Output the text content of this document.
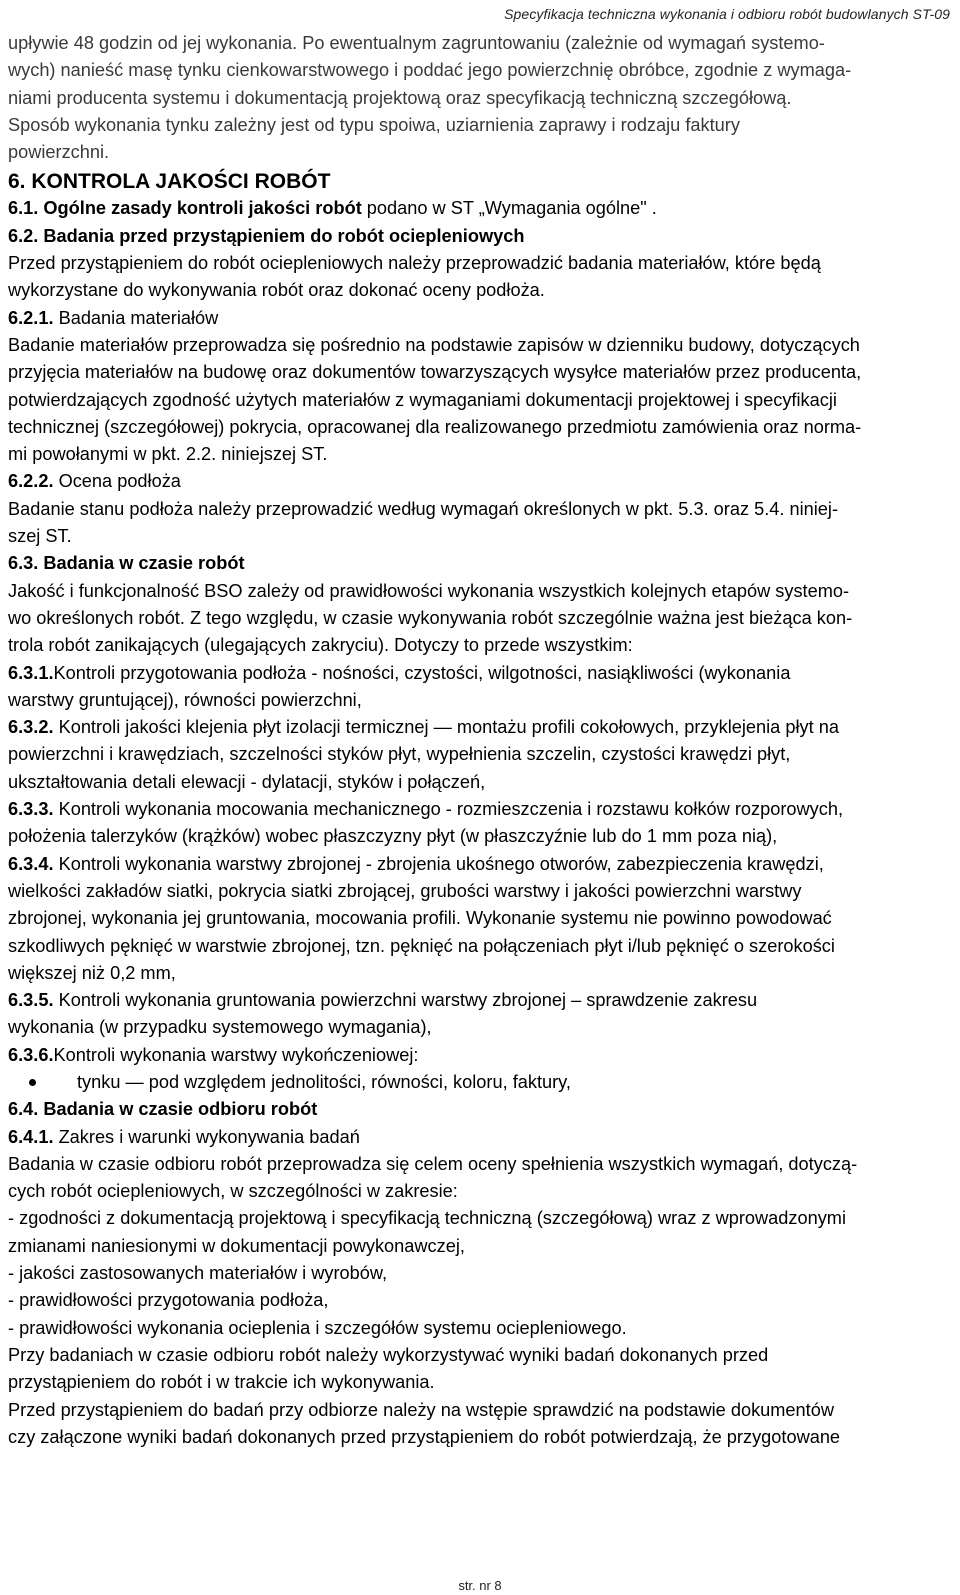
Specyfikacja techniczna wykonania i odbioru robót budowlanych ST-09
upływie 48 godzin od jej wykonania. Po ewentualnym zagruntowaniu (zależnie od wymagań systemo-
wych) nanieść masę tynku cienkowarstwowego i poddać jego powierzchnię obróbce, zgodnie z wymaga-
niami producenta systemu i dokumentacją projektową oraz specyfikacją techniczną szczegółową.
Sposób wykonania tynku zależny jest od typu spoiwa, uziarnienia zaprawy i rodzaju faktury
powierzchni.
6. KONTROLA JAKOŚCI ROBÓT
6.1. Ogólne zasady kontroli jakości robót podano w ST „Wymagania ogólne" .
6.2. Badania przed przystąpieniem do robót ociepleniowych
Przed przystąpieniem do robót ociepleniowych należy przeprowadzić badania materiałów, które będą
wykorzystane do wykonywania robót oraz dokonać oceny podłoża.
6.2.1. Badania materiałów
Badanie materiałów przeprowadza się pośrednio na podstawie zapisów w dzienniku budowy, dotyczących
przyjęcia materiałów na budowę oraz dokumentów towarzyszących wysyłce materiałów przez producenta,
potwierdzających zgodność użytych materiałów z wymaganiami dokumentacji projektowej i specyfikacji
technicznej (szczegółowej) pokrycia, opracowanej dla realizowanego przedmiotu zamówienia oraz norma-
mi powołanymi w pkt. 2.2. niniejszej ST.
6.2.2. Ocena podłoża
Badanie stanu podłoża należy przeprowadzić według wymagań określonych w pkt. 5.3. oraz 5.4. niniej-
szej ST.
6.3. Badania w czasie robót
Jakość i funkcjonalność BSO zależy od prawidłowości wykonania wszystkich kolejnych etapów systemo-
wo określonych robót. Z tego względu, w czasie wykonywania robót szczególnie ważna jest bieżąca kon-
trola robót zanikających (ulegających zakryciu). Dotyczy to przede wszystkim:
6.3.1.Kontroli przygotowania podłoża - nośności, czystości, wilgotności, nasiąkliwości (wykonania
warstwy gruntującej), równości powierzchni,
6.3.2. Kontroli jakości klejenia płyt izolacji termicznej — montażu profili cokołowych, przyklejenia płyt na
powierzchni i krawędziach, szczelności styków płyt, wypełnienia szczelin, czystości krawędzi płyt,
ukształtowania detali elewacji - dylatacji, styków i połączeń,
6.3.3. Kontroli wykonania mocowania mechanicznego - rozmieszczenia i rozstawu kołków rozporowych,
położenia talerzyków (krążków) wobec płaszczyzny płyt (w płaszczyźnie lub do 1 mm poza nią),
6.3.4. Kontroli wykonania warstwy zbrojonej - zbrojenia ukośnego otworów, zabezpieczenia krawędzi,
wielkości zakładów siatki, pokrycia siatki zbrojącej, grubości warstwy i jakości powierzchni warstwy
zbrojonej, wykonania jej gruntowania, mocowania profili. Wykonanie systemu nie powinno powodować
szkodliwych pęknięć w warstwie zbrojonej, tzn. pęknięć na połączeniach płyt i/lub pęknięć o szerokości
większej niż 0,2 mm,
6.3.5. Kontroli wykonania gruntowania powierzchni warstwy zbrojonej – sprawdzenie zakresu
wykonania (w przypadku systemowego wymagania),
6.3.6.Kontroli wykonania warstwy wykończeniowej:
tynku — pod względem jednolitości, równości, koloru, faktury,
6.4. Badania w czasie odbioru robót
6.4.1. Zakres i warunki wykonywania badań
Badania w czasie odbioru robót przeprowadza się celem oceny spełnienia wszystkich wymagań, dotyczą-
cych robót ociepleniowych, w szczególności w zakresie:
- zgodności z dokumentacją projektową i specyfikacją techniczną (szczegółową) wraz z wprowadzonymi
zmianami naniesionymi w dokumentacji powykonawczej,
- jakości zastosowanych materiałów i wyrobów,
- prawidłowości przygotowania podłoża,
- prawidłowości wykonania ocieplenia i szczegółów systemu ociepleniowego.
Przy badaniach w czasie odbioru robót należy wykorzystywać wyniki badań dokonanych przed
przystąpieniem do robót i w trakcie ich wykonywania.
Przed przystąpieniem do badań przy odbiorze należy na wstępie sprawdzić na podstawie dokumentów
czy załączone wyniki badań dokonanych przed przystąpieniem do robót potwierdzają, że przygotowane
str. nr 8
